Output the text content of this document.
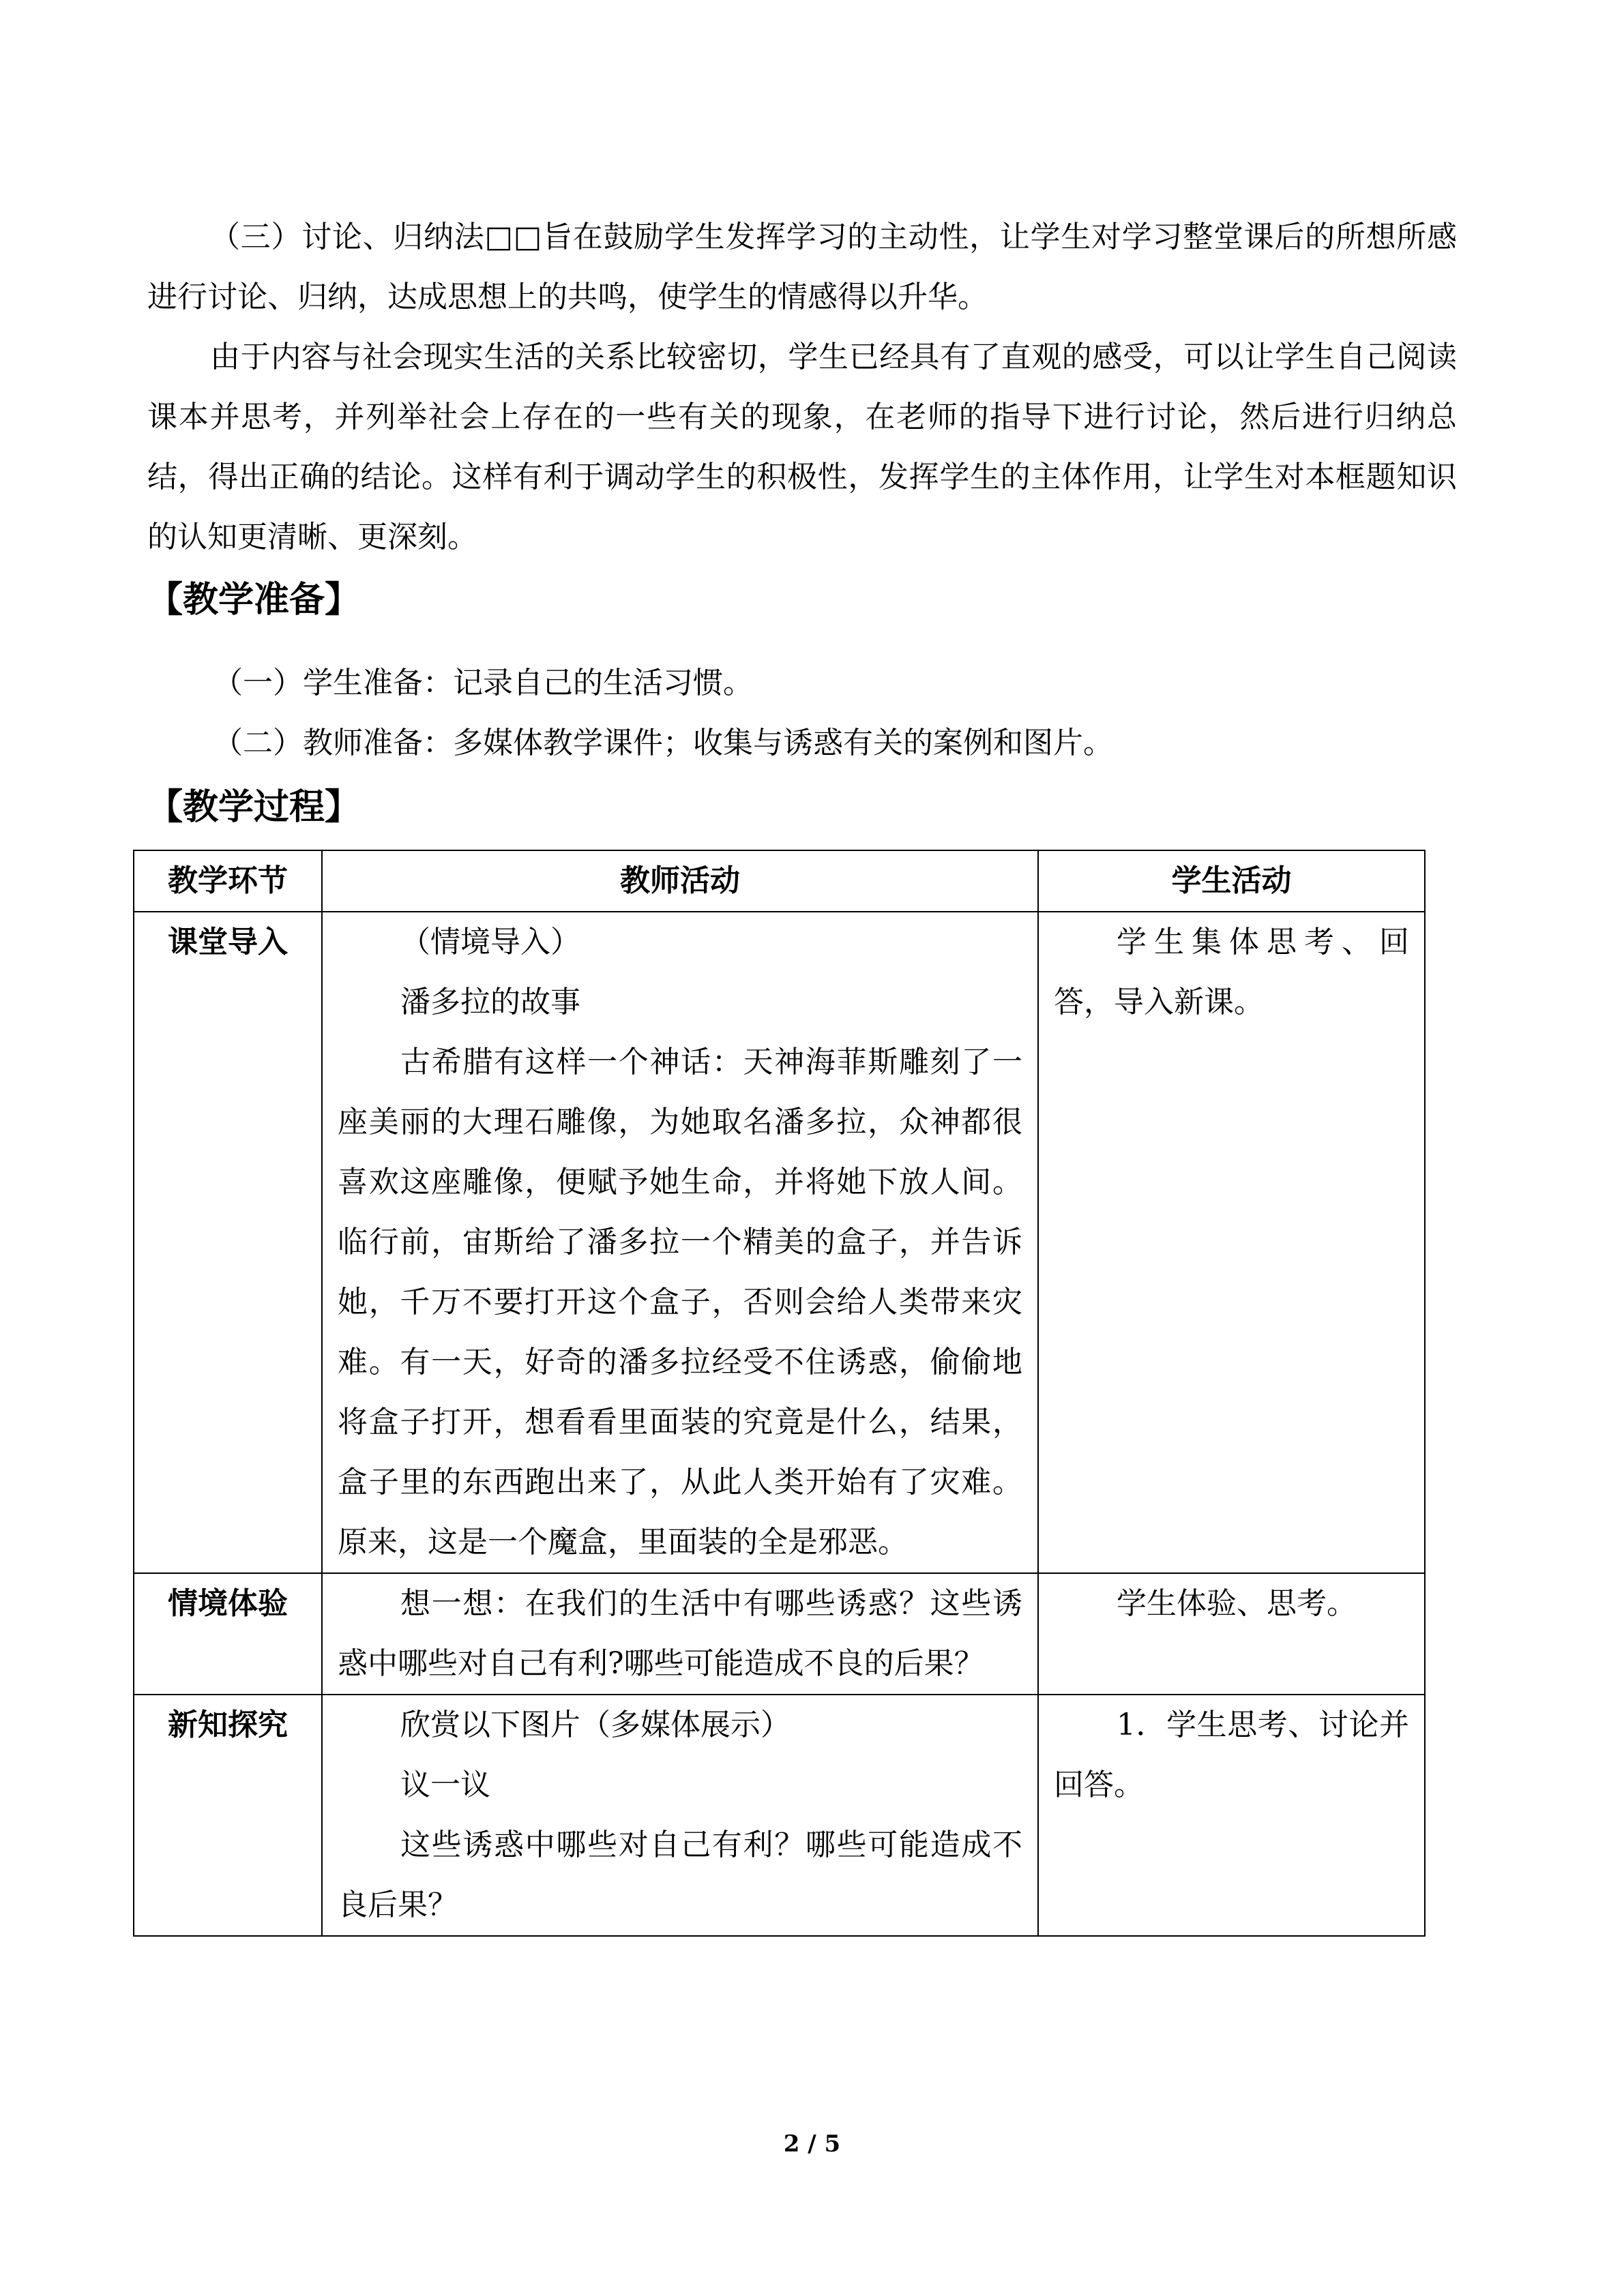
（三）讨论、归纳法□□旨在鼓励学生发挥学习的主动性，让学生对学习整堂课后的所想所感进行讨论、归纳，达成思想上的共鸣，使学生的情感得以升华。

由于内容与社会现实生活的关系比较密切，学生已经具有了直观的感受，可以让学生自己阅读课本并思考，并列举社会上存在的一些有关的现象，在老师的指导下进行讨论，然后进行归纳总结，得出正确的结论。这样有利于调动学生的积极性，发挥学生的主体作用，让学生对本框题知识的认知更清晰、更深刻。

【教学准备】

（一）学生准备：记录自己的生活习惯。

（二）教师准备：多媒体教学课件；收集与诱惑有关的案例和图片。

【教学过程】
教学环节	教师活动	学生活动
课堂导入	（情境导入）

潘多拉的故事

古希腊有这样一个神话：天神海菲斯雕刻了一座美丽的大理石雕像，为她取名潘多拉，众神都很喜欢这座雕像，便赋予她生命，并将她下放人间。临行前，宙斯给了潘多拉一个精美的盒子，并告诉她，千万不要打开这个盒子，否则会给人类带来灾难。有一天，好奇的潘多拉经受不住诱惑，偷偷地将盒子打开，想看看里面装的究竟是什么，结果，盒子里的东西跑出来了，从此人类开始有了灾难。原来，这是一个魔盒，里面装的全是邪恶。	学生集体思考、回答，导入新课。

情境体验	想一想：在我们的生活中有哪些诱惑？这些诱惑中哪些对自己有利?哪些可能造成不良的后果？	学生体验、思考。

新知探究	欣赏以下图片（多媒体展示）

议一议

这些诱惑中哪些对自己有利？哪些可能造成不良后果？	1．学生思考、讨论并回答。

2 / 5
